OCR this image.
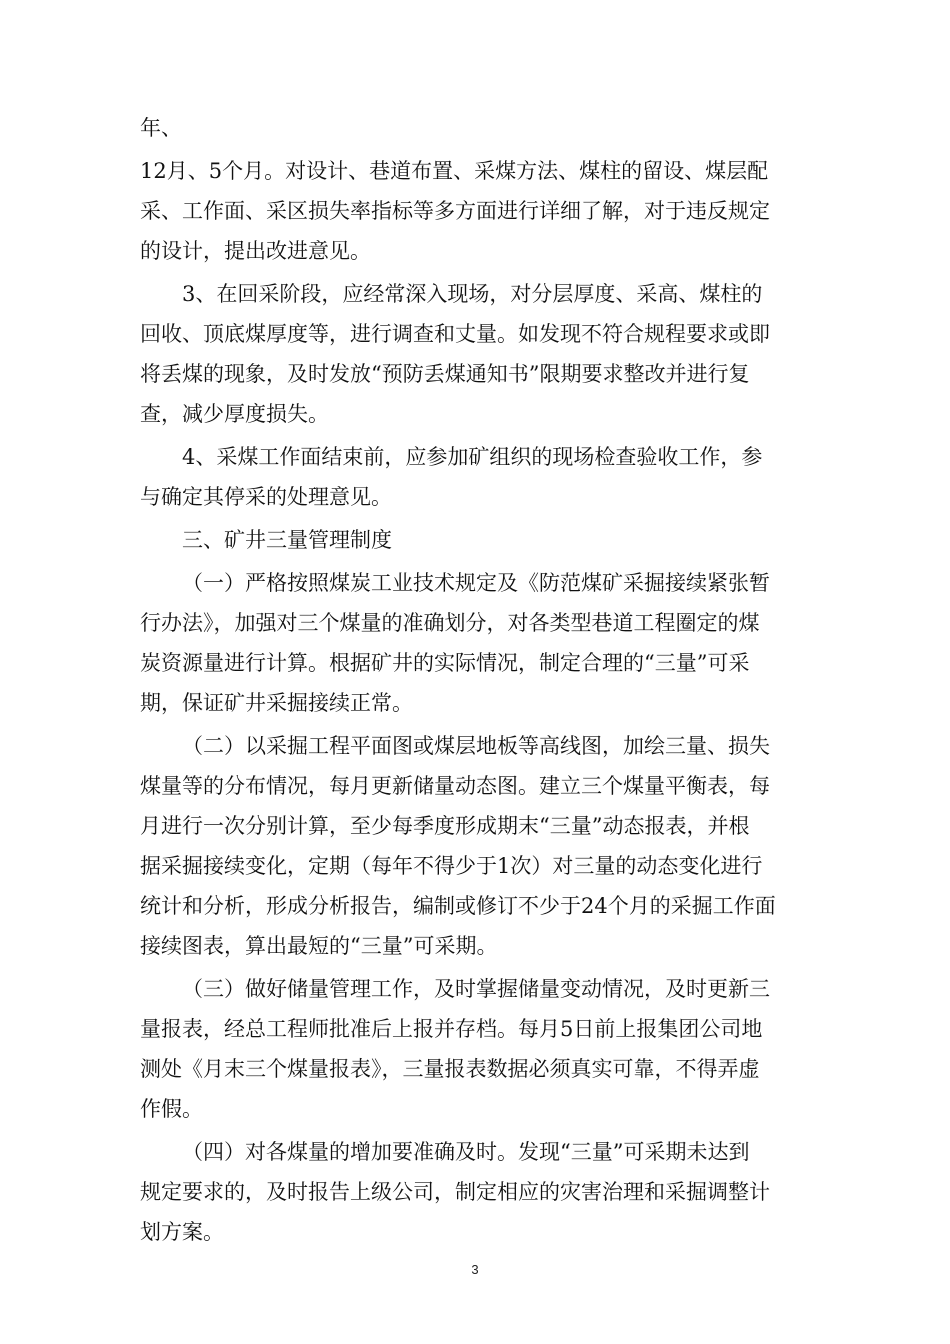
年、

12月、5个月。对设计、巷道布置、采煤方法、煤柱的留设、煤层配
采、工作面、采区损失率指标等多方面进行详细了解，对于违反规定
的设计，提出改进意见。

3、在回采阶段，应经常深入现场，对分层厚度、采高、煤柱的
回收、顶底煤厚度等，进行调查和丈量。如发现不符合规程要求或即
将丢煤的现象，及时发放“预防丢煤通知书”限期要求整改并进行复
查，减少厚度损失。

4、采煤工作面结束前，应参加矿组织的现场检查验收工作，参
与确定其停采的处理意见。

三、矿井三量管理制度

（一）严格按照煤炭工业技术规定及《防范煤矿采掘接续紧张暂
行办法》，加强对三个煤量的准确划分，对各类型巷道工程圈定的煤
炭资源量进行计算。根据矿井的实际情况，制定合理的“三量”可采
期，保证矿井采掘接续正常。

（二）以采掘工程平面图或煤层地板等高线图，加绘三量、损失
煤量等的分布情况，每月更新储量动态图。建立三个煤量平衡表，每
月进行一次分别计算，至少每季度形成期末“三量”动态报表，并根
据采掘接续变化，定期（每年不得少于1次）对三量的动态变化进行
统计和分析，形成分析报告，编制或修订不少于24个月的采掘工作面
接续图表，算出最短的“三量”可采期。

（三）做好储量管理工作，及时掌握储量变动情况，及时更新三
量报表，经总工程师批准后上报并存档。每月5日前上报集团公司地
测处《月末三个煤量报表》，三量报表数据必须真实可靠，不得弄虚
作假。

（四）对各煤量的增加要准确及时。发现“三量”可采期未达到
规定要求的，及时报告上级公司，制定相应的灾害治理和采掘调整计
划方案。

3
